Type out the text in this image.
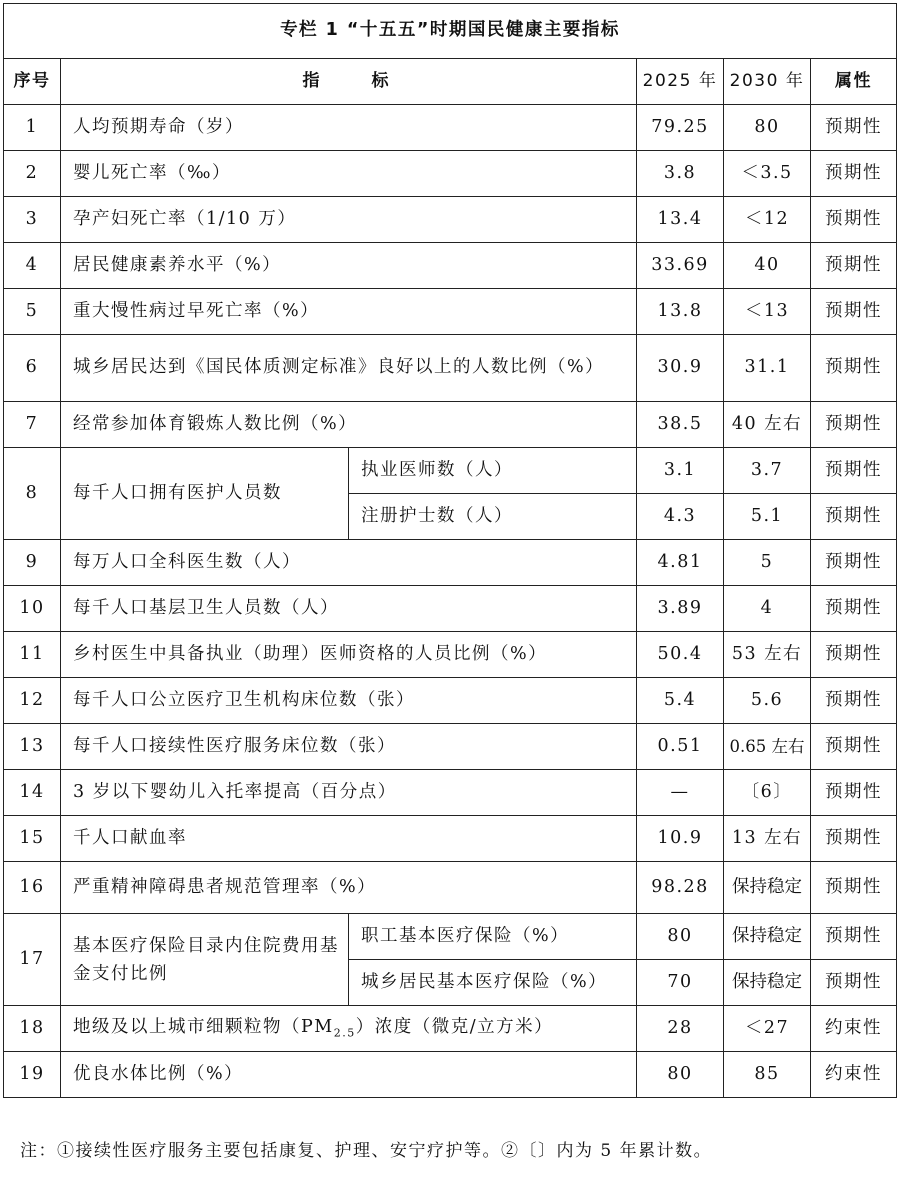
专栏 1 “十五五”时期国民健康主要指标					
序号	指　　标		2025 年	2030 年	属性
1	人均预期寿命（岁）		79.25	80	预期性
2	婴儿死亡率（‰）		3.8	＜3.5	预期性
3	孕产妇死亡率（1/10 万）		13.4	＜12	预期性
4	居民健康素养水平（%）		33.69	40	预期性
5	重大慢性病过早死亡率（%）		13.8	＜13	预期性
6	城乡居民达到《国民体质测定标准》良好以上的人数比例（%）		30.9	31.1	预期性
7	经常参加体育锻炼人数比例（%）		38.5	40 左右	预期性
8	每千人口拥有医护人员数	执业医师数（人）	3.1	3.7	预期性
		注册护士数（人）	4.3	5.1	预期性
9	每万人口全科医生数（人）		4.81	5	预期性
10	每千人口基层卫生人员数（人）		3.89	4	预期性
11	乡村医生中具备执业（助理）医师资格的人员比例（%）		50.4	53 左右	预期性
12	每千人口公立医疗卫生机构床位数（张）		5.4	5.6	预期性
13	每千人口接续性医疗服务床位数（张）		0.51	0.65 左右	预期性
14	3 岁以下婴幼儿入托率提高（百分点）		—	〔6〕	预期性
15	千人口献血率		10.9	13 左右	预期性
16	严重精神障碍患者规范管理率（%）		98.28	保持稳定	预期性
17	基本医疗保险目录内住院费用基金支付比例	职工基本医疗保险（%）	80	保持稳定	预期性
		城乡居民基本医疗保险（%）	70	保持稳定	预期性
18	地级及以上城市细颗粒物$(PM_{2.5})$浓度（微克/立方米）		28	＜27	约束性
19	优良水体比例（%）		80	85	约束性
注：①接续性医疗服务主要包括康复、护理、安宁疗护等。②〔〕内为 5 年累计数。
